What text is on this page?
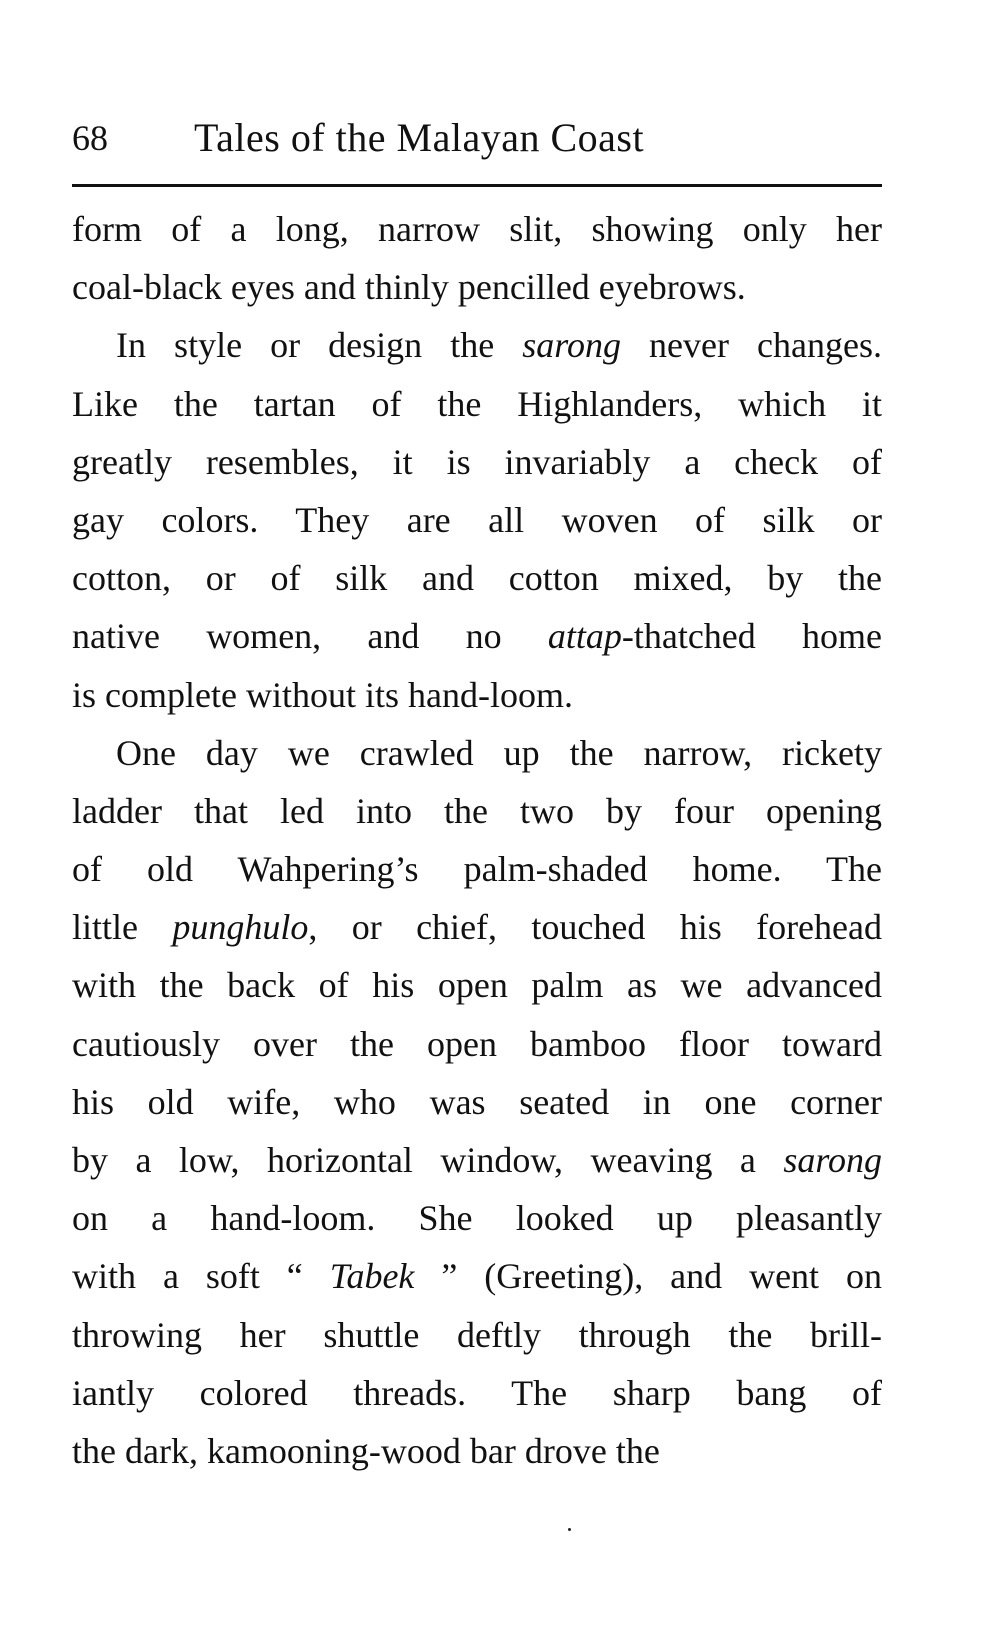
68 Tales of the Malayan Coast
form of a long, narrow slit, showing only her
coal-black eyes and thinly pencilled eyebrows.
In style or design the sarong never changes.
Like the tartan of the Highlanders, which it
greatly resembles, it is invariably a check of
gay colors. They are all woven of silk or
cotton, or of silk and cotton mixed, by the
native women, and no attap-thatched home
is complete without its hand-loom.
One day we crawled up the narrow, rickety
ladder that led into the two by four opening
of old Wahpering’s palm-shaded home. The
little punghulo, or chief, touched his forehead
with the back of his open palm as we advanced
cautiously over the open bamboo floor toward
his old wife, who was seated in one corner
by a low, horizontal window, weaving a sarong
on a hand-loom. She looked up pleasantly
with a soft “ Tabek ” (Greeting), and went on
throwing her shuttle deftly through the brill-
iantly colored threads. The sharp bang of
the dark, kamooning-wood bar drove the
